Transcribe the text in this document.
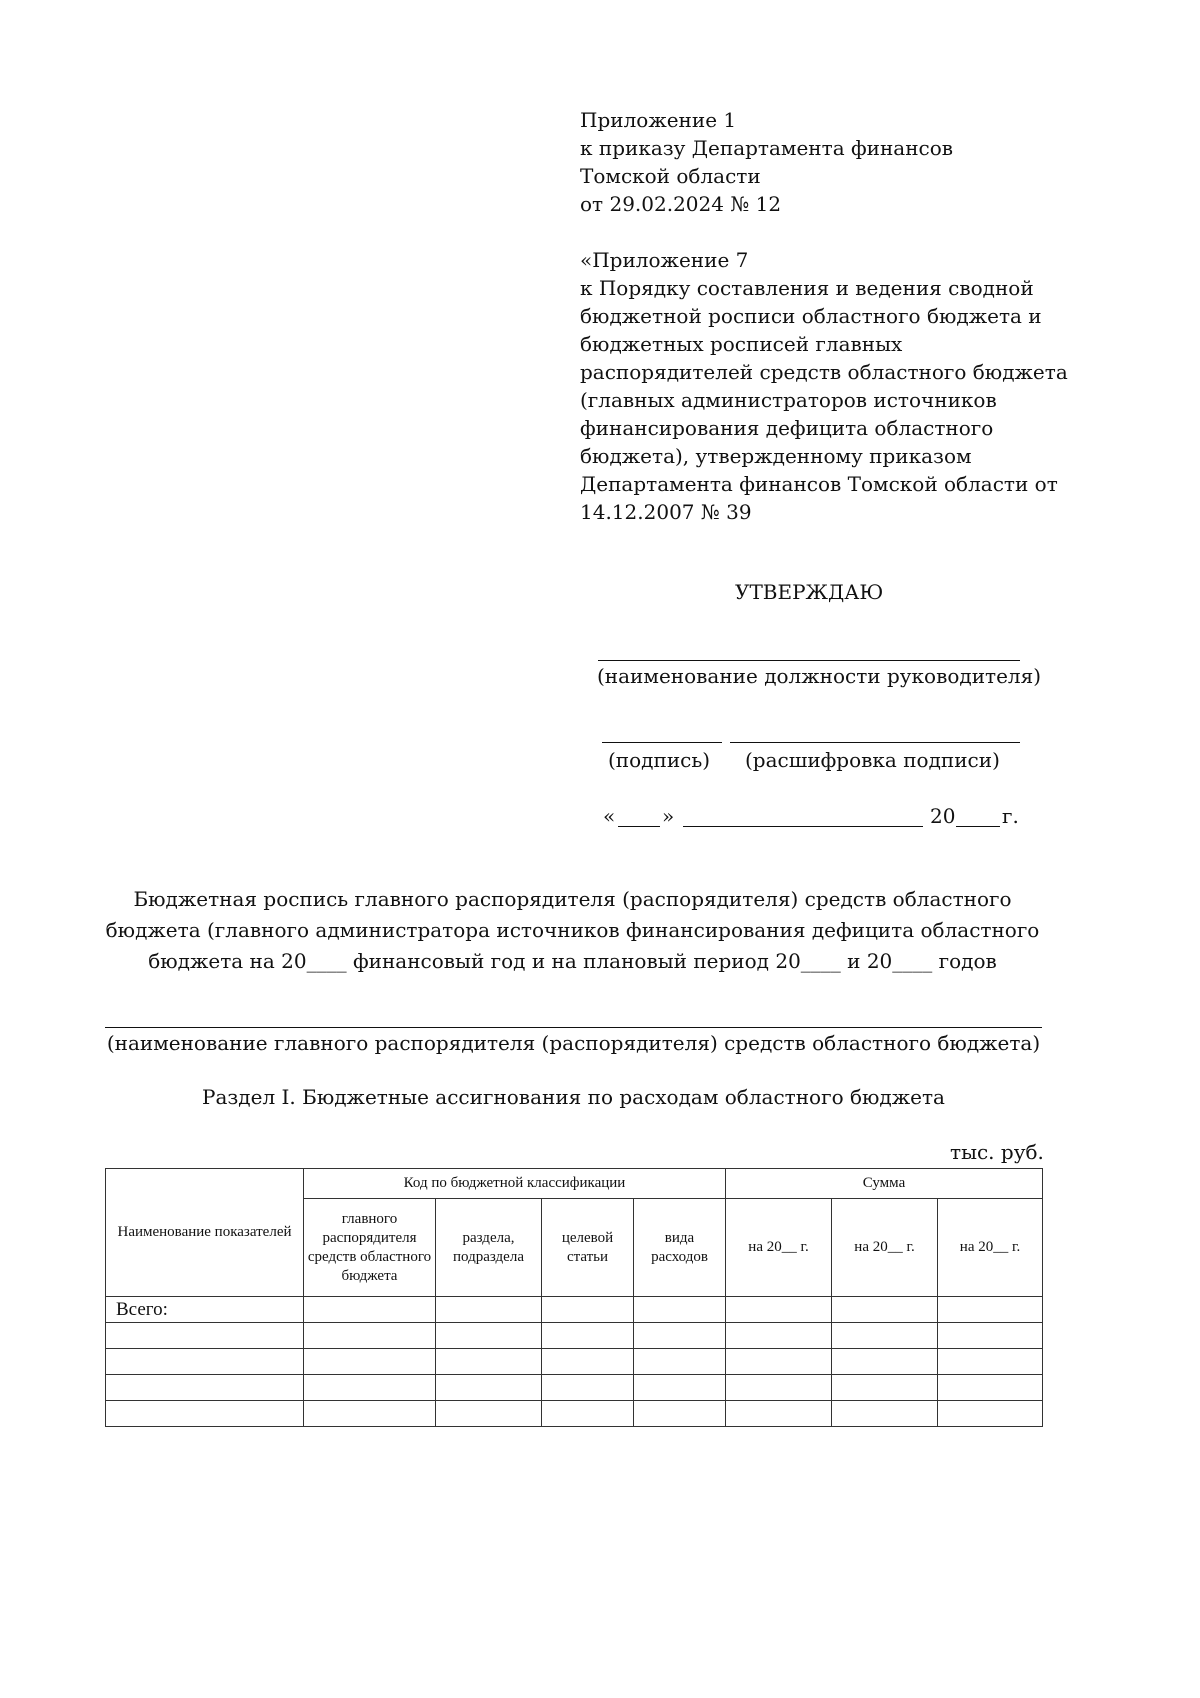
Приложение 1
к приказу Департамента финансов
Томской области
от 29.02.2024 № 12
«Приложение 7
к Порядку составления и ведения сводной
бюджетной росписи областного бюджета и
бюджетных росписей главных
распорядителей средств областного бюджета
(главных администраторов источников
финансирования дефицита областного
бюджета), утвержденному приказом
Департамента финансов Томской области от
14.12.2007 № 39
УТВЕРЖДАЮ
(наименование должности руководителя)
(подпись) (расшифровка подписи)
« »	20 г.
Бюджетная роспись главного распорядителя (распорядителя) средств областного
бюджета (главного администратора источников финансирования дефицита областного
бюджета на 20____ финансовый год и на плановый период 20____ и 20____ годов
(наименование главного распорядителя (распорядителя) средств областного бюджета)
Раздел I. Бюджетные ассигнования по расходам областного бюджета
тыс. руб.
Наименование показателей	Код по бюджетной классификации				Сумма		
	главного распорядителя средств областного бюджета	раздела, подраздела	целевой статьи	вида расходов	на 20__ г.	на 20__ г.	на 20__ г.
Всего:							
